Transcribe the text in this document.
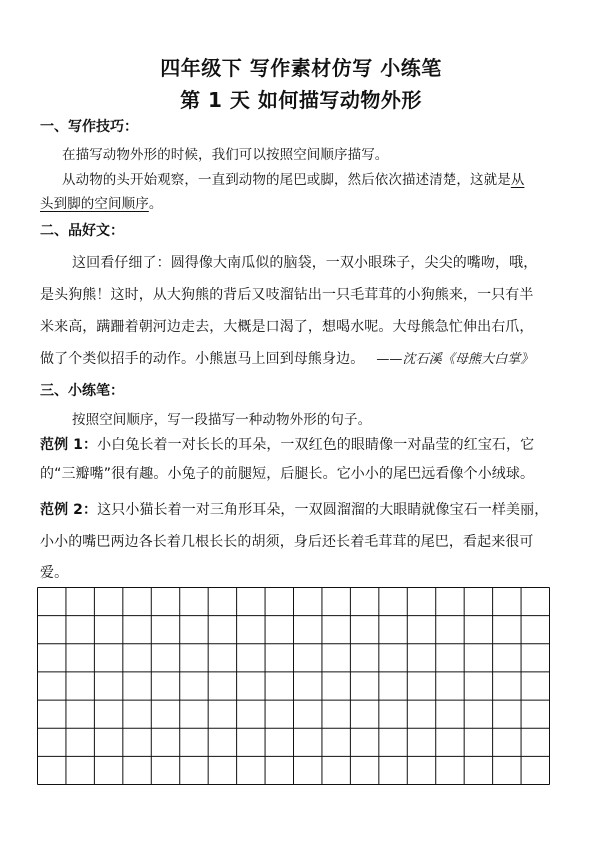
四年级下 写作素材仿写 小练笔
第 1 天 如何描写动物外形
一、写作技巧：
在描写动物外形的时候，我们可以按照空间顺序描写。
从动物的头开始观察，一直到动物的尾巴或脚，然后依次描述清楚，这就是从
头到脚的空间顺序。
二、品好文：
这回看仔细了：圆得像大南瓜似的脑袋，一双小眼珠子，尖尖的嘴吻，哦，
是头狗熊！这时，从大狗熊的背后又吱溜钻出一只毛茸茸的小狗熊来，一只有半
米来高，蹒跚着朝河边走去，大概是口渴了，想喝水呢。大母熊急忙伸出右爪，
做了个类似招手的动作。小熊崽马上回到母熊身边。 ——沈石溪《母熊大白掌》
三、小练笔：
按照空间顺序，写一段描写一种动物外形的句子。
范例 1：小白兔长着一对长长的耳朵，一双红色的眼睛像一对晶莹的红宝石，它
的“三瓣嘴”很有趣。小兔子的前腿短，后腿长。它小小的尾巴远看像个小绒球。
范例 2：这只小猫长着一对三角形耳朵，一双圆溜溜的大眼睛就像宝石一样美丽，
小小的嘴巴两边各长着几根长长的胡须，身后还长着毛茸茸的尾巴，看起来很可
爱。
